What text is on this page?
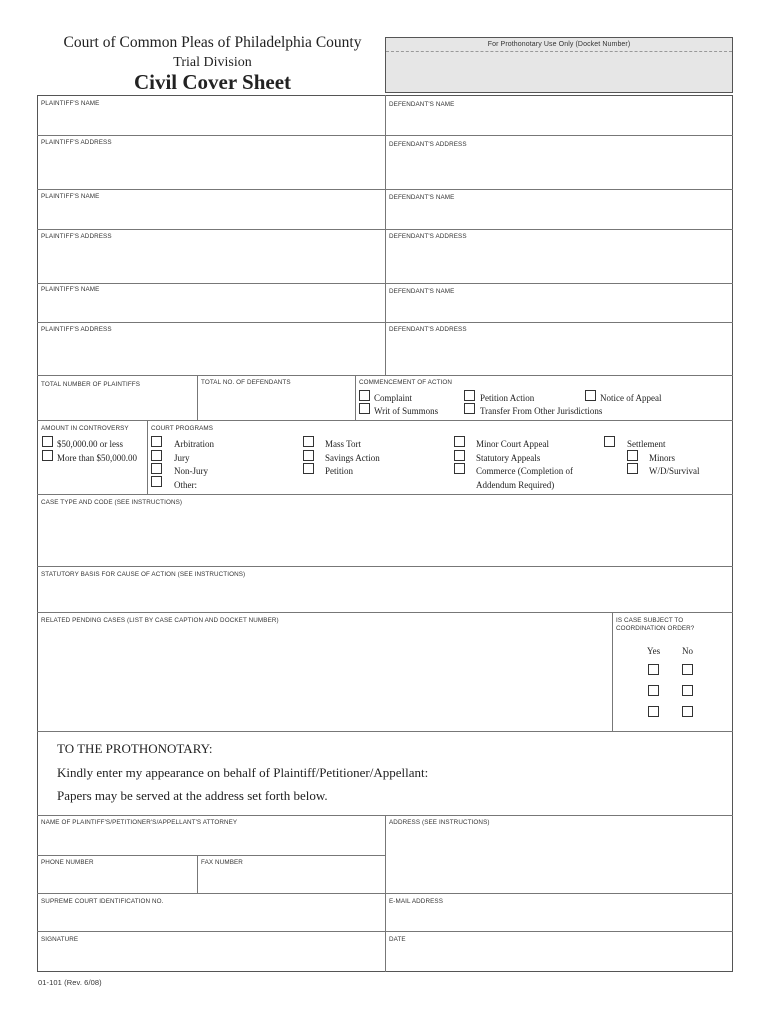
Court of Common Pleas of Philadelphia County
Trial Division
Civil Cover Sheet
For Prothonotary Use Only (Docket Number)
PLAINTIFF'S NAME	DEFENDANT'S NAME
PLAINTIFF'S ADDRESS	DEFENDANT'S ADDRESS
PLAINTIFF'S NAME	DEFENDANT'S NAME
PLAINTIFF'S ADDRESS	DEFENDANT'S ADDRESS
PLAINTIFF'S NAME	DEFENDANT'S NAME
PLAINTIFF'S ADDRESS	DEFENDANT'S ADDRESS
TOTAL NUMBER OF PLAINTIFFS	TOTAL NO. OF DEFENDANTS	COMMENCEMENT OF ACTION
Complaint
Writ of Summons
Petition Action
Transfer From Other Jurisdictions
Notice of Appeal
AMOUNT IN CONTROVERSY	COURT PROGRAMS
$50,000.00 or less
More than $50,000.00
Arbitration
Jury
Non-Jury
Other:
Mass Tort
Savings Action
Petition
Minor Court Appeal
Statutory Appeals
Commerce (Completion of
Addendum Required)
Settlement
Minors
W/D/Survival
CASE TYPE AND CODE (SEE INSTRUCTIONS)
STATUTORY BASIS FOR CAUSE OF ACTION (SEE INSTRUCTIONS)
RELATED PENDING CASES (LIST BY CASE CAPTION AND DOCKET NUMBER)	IS CASE SUBJECT TO
COORDINATION ORDER?
Yes No
TO THE PROTHONOTARY:
Kindly enter my appearance on behalf of Plaintiff/Petitioner/Appellant:
Papers may be served at the address set forth below.
NAME OF PLAINTIFF'S/PETITIONER'S/APPELLANT'S ATTORNEY	ADDRESS (SEE INSTRUCTIONS)
PHONE NUMBER	FAX NUMBER
SUPREME COURT IDENTIFICATION NO.	E-MAIL ADDRESS
SIGNATURE	DATE
01-101 (Rev. 6/08)
